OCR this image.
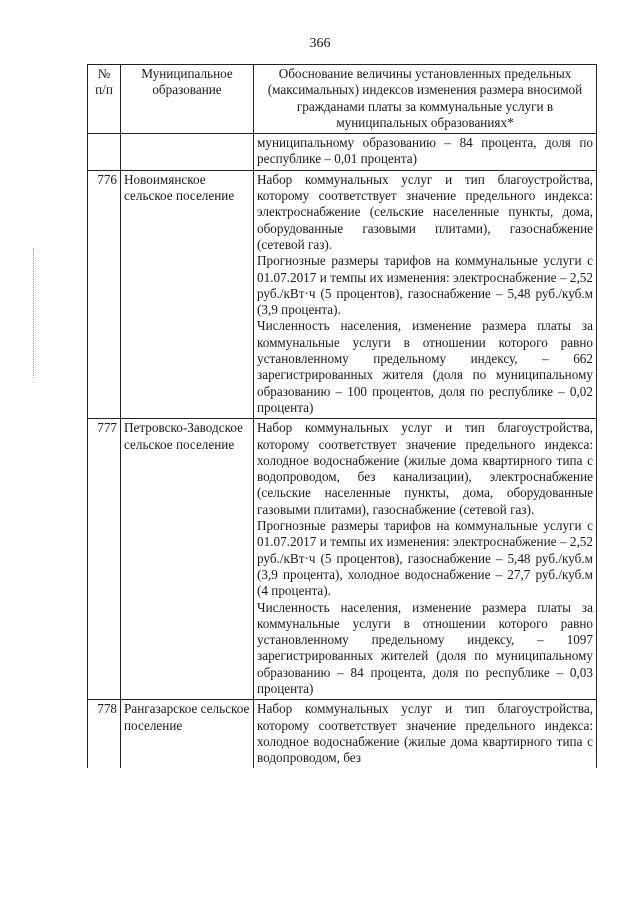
366
№ п/п	Муниципальное образование	Обоснование величины установленных предельных (максимальных) индексов изменения размера вносимой гражданами платы за коммунальные услуги в муниципальных образованиях*

		муниципальному образованию – 84 процента, доля по республике – 0,01 процента)

776	Новоимянское сельское поселение	Набор коммунальных услуг и тип благоустройства, которому соответствует значение предельного индекса: электроснабжение (сельские населенные пункты, дома, оборудованные газовыми плитами), газоснабжение (сетевой газ).

Прогнозные размеры тарифов на коммунальные услуги с 01.07.2017 и темпы их изменения: электроснабжение – 2,52 руб./кВт·ч (5 процентов), газоснабжение – 5,48 руб./куб.м (3,9 процента).

Численность населения, изменение размера платы за коммунальные услуги в отношении которого равно установленному предельному индексу, – 662 зарегистрированных жителя (доля по муниципальному образованию – 100 процентов, доля по республике – 0,02 процента)

777	Петровско-Заводское сельское поселение	Набор коммунальных услуг и тип благоустройства, которому соответствует значение предельного индекса: холодное водоснабжение (жилые дома квартирного типа с водопроводом, без канализации), электроснабжение (сельские населенные пункты, дома, оборудованные газовыми плитами), газоснабжение (сетевой газ).

Прогнозные размеры тарифов на коммунальные услуги с 01.07.2017 и темпы их изменения: электроснабжение – 2,52 руб./кВт·ч (5 процентов), газоснабжение – 5,48 руб./куб.м (3,9 процента), холодное водоснабжение – 27,7 руб./куб.м (4 процента).

Численность населения, изменение размера платы за коммунальные услуги в отношении которого равно установленному предельному индексу, – 1097 зарегистрированных жителей (доля по муниципальному образованию – 84 процента, доля по республике – 0,03 процента)

778	Рангазарское сельское поселение	Набор коммунальных услуг и тип благоустройства, которому соответствует значение предельного индекса: холодное водоснабжение (жилые дома квартирного типа с водопроводом, без
